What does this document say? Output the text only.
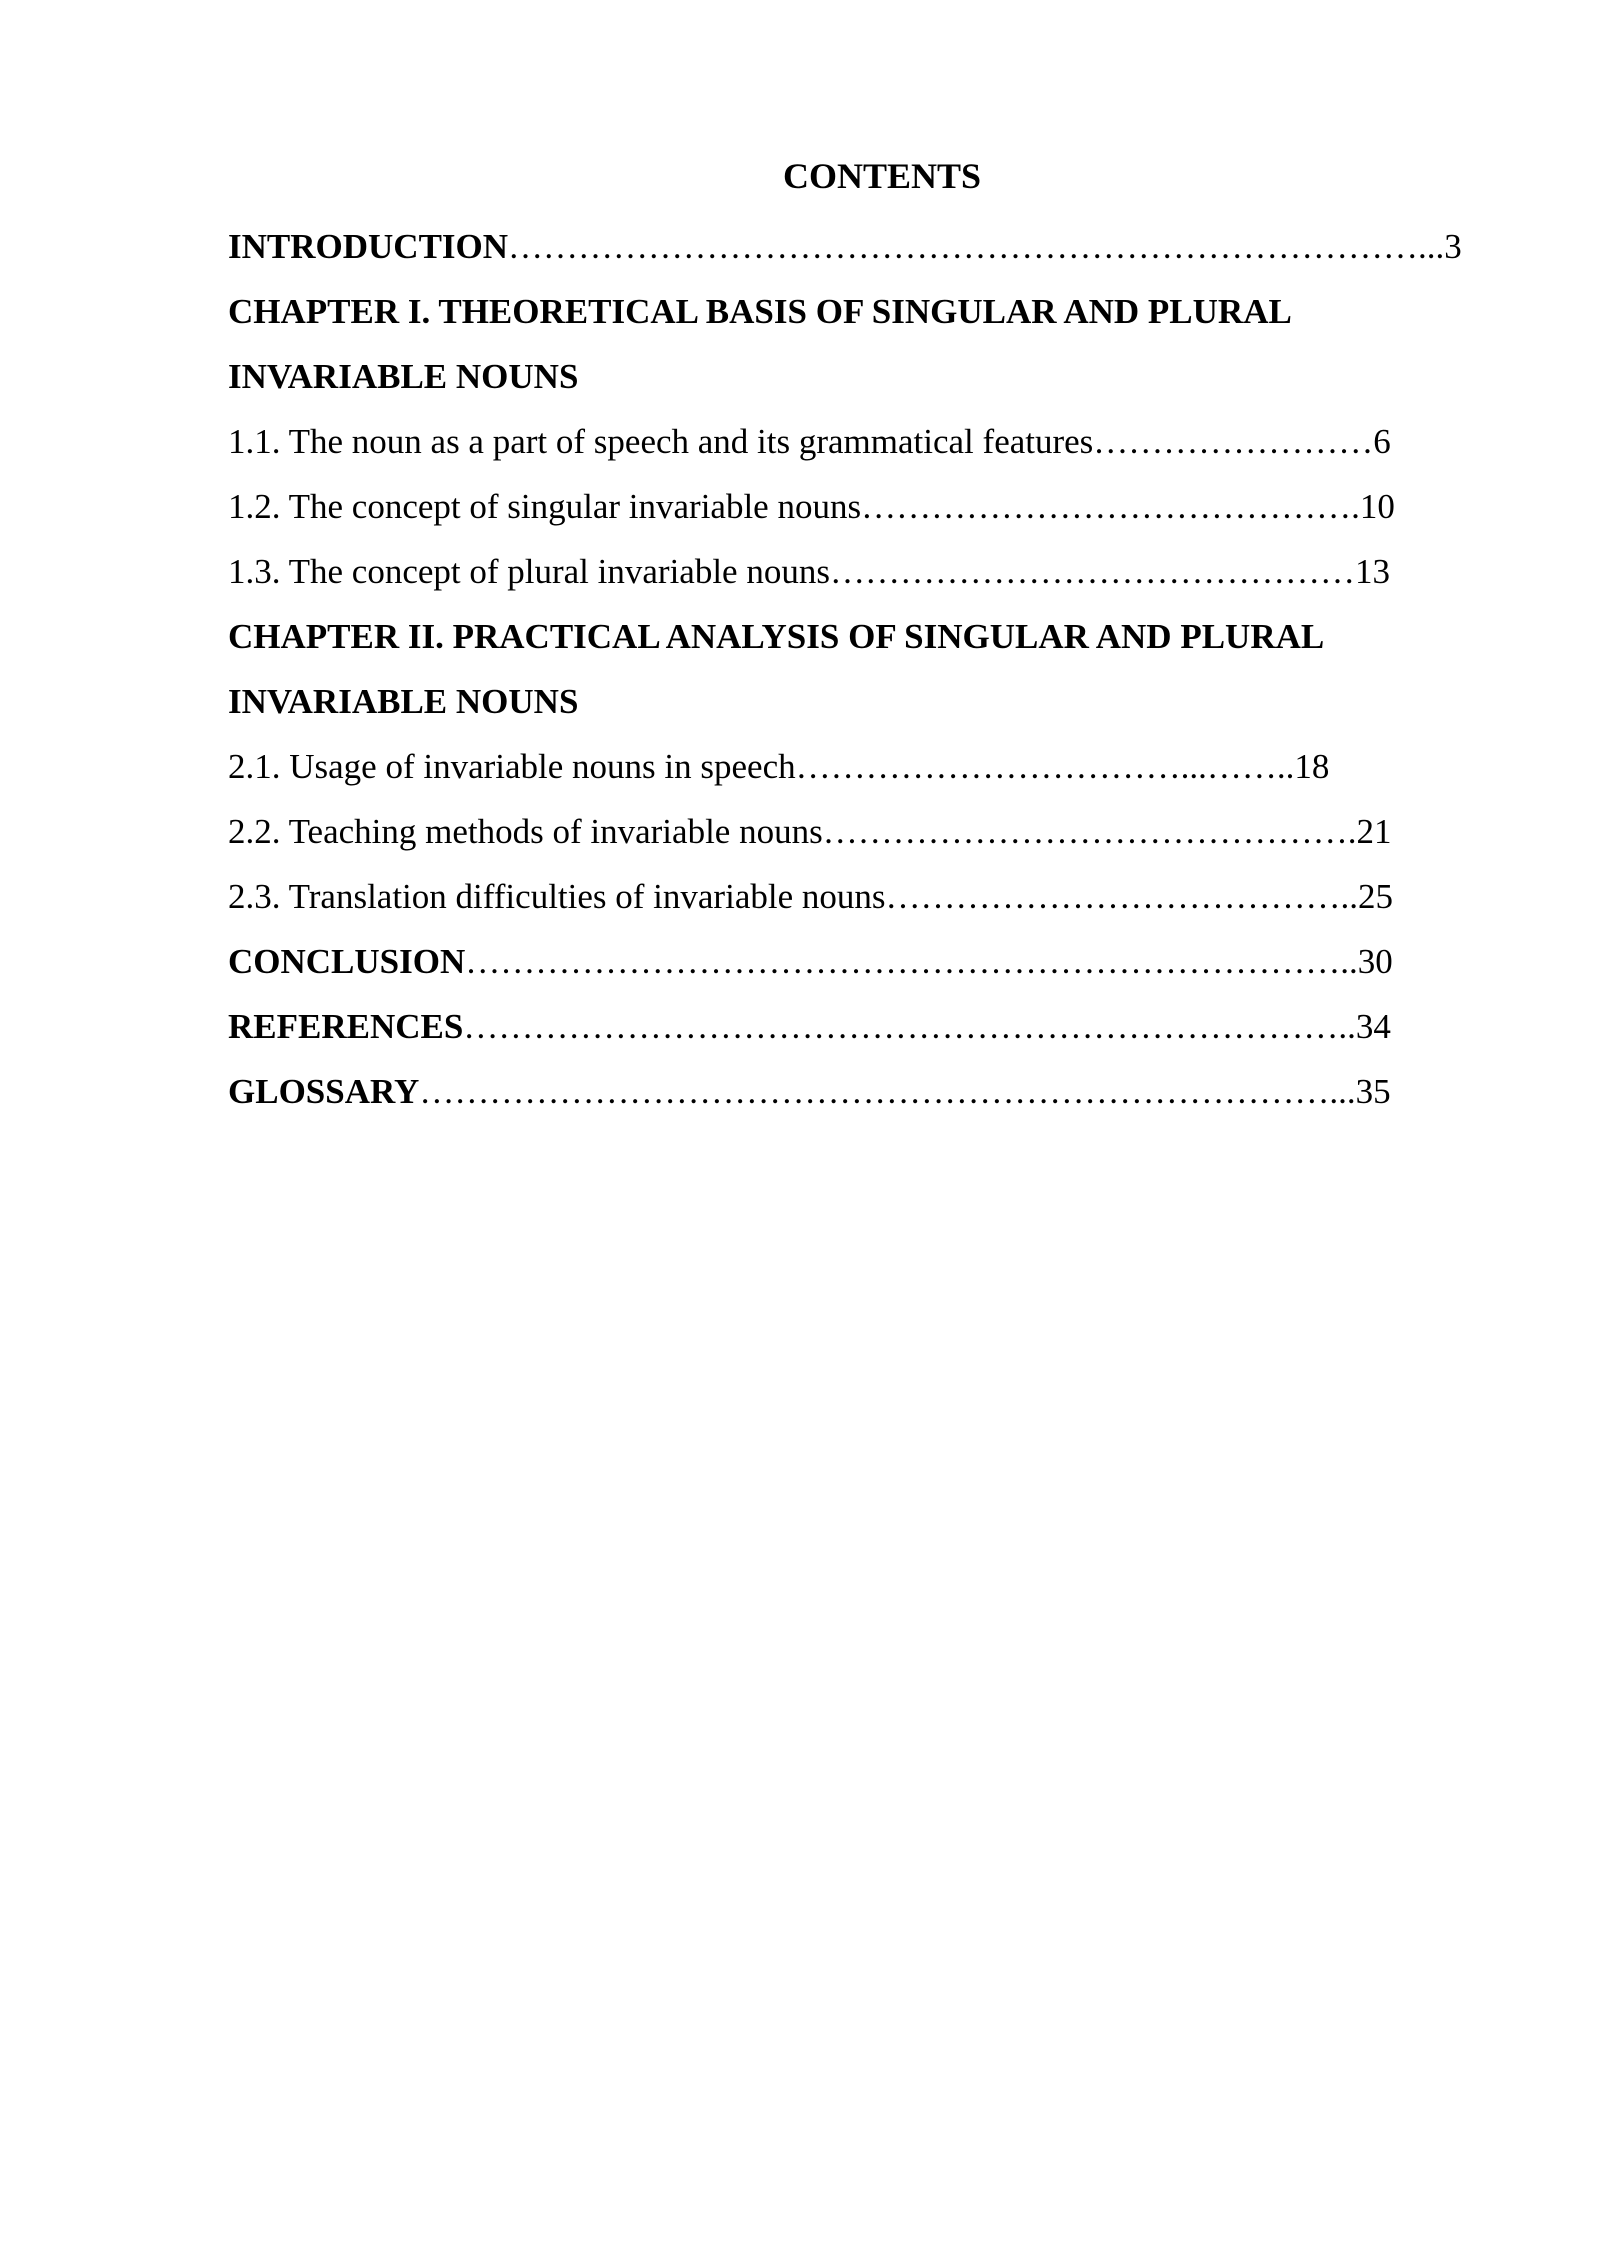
CONTENTS
INTRODUCTION……………………………………………………………………...3
CHAPTER I. THEORETICAL BASIS OF SINGULAR AND PLURAL
INVARIABLE NOUNS
1.1. The noun as a part of speech and its grammatical features……………………6
1.2. The concept of singular invariable nouns…………………………………….10
1.3. The concept of plural invariable nouns………………………………………13
CHAPTER II. PRACTICAL ANALYSIS OF SINGULAR AND PLURAL
INVARIABLE NOUNS
2.1. Usage of invariable nouns in speech……………………………...……..18
2.2. Teaching methods of invariable nouns……………………………………….21
2.3. Translation difficulties of invariable nouns…………………………………..25
CONCLUSION…………………………………………………………………..30
REFERENCES…………………………………………………………………..34
GLOSSARY……………………………………………………………………...35
